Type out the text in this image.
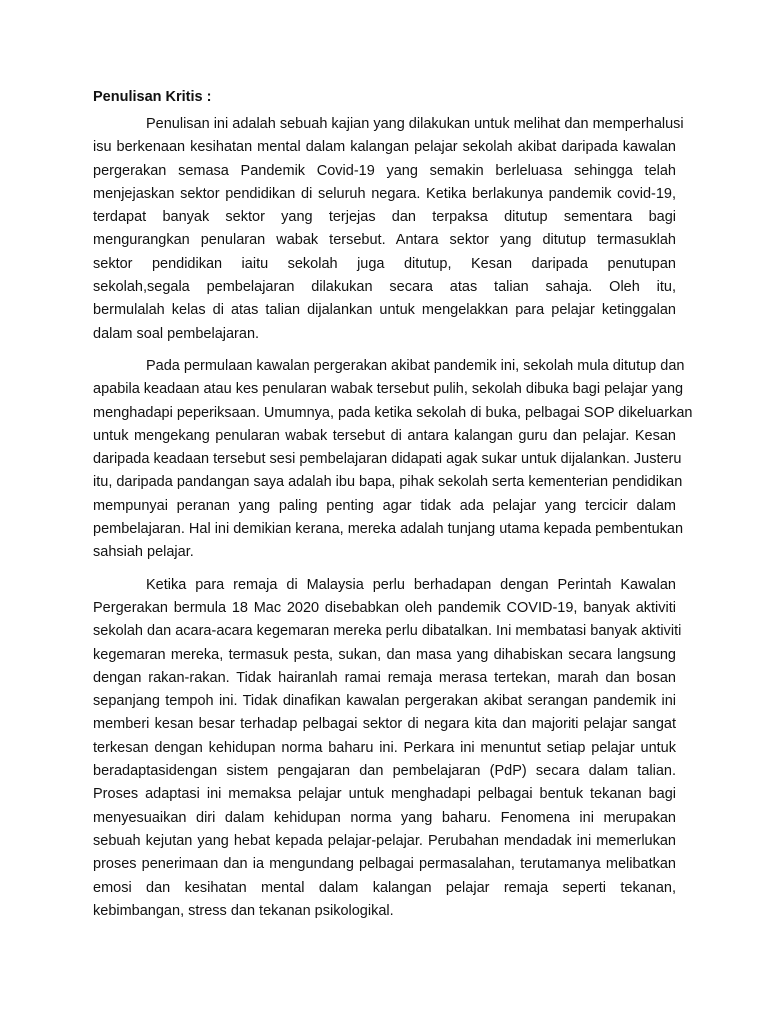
Penulisan Kritis :
Penulisan ini adalah sebuah kajian yang dilakukan untuk melihat dan memperhalusi
isu berkenaan kesihatan mental dalam kalangan pelajar sekolah akibat daripada kawalan
pergerakan semasa Pandemik Covid-19 yang semakin berleluasa sehingga telah
menjejaskan sektor pendidikan di seluruh negara. Ketika berlakunya pandemik covid-19,
terdapat banyak sektor yang terjejas dan terpaksa ditutup sementara bagi
mengurangkan penularan wabak tersebut. Antara sektor yang ditutup termasuklah
sektor pendidikan iaitu sekolah juga ditutup, Kesan daripada penutupan
sekolah,segala pembelajaran dilakukan secara atas talian sahaja. Oleh itu,
bermulalah kelas di atas talian dijalankan untuk mengelakkan para pelajar ketinggalan
dalam soal pembelajaran.
Pada permulaan kawalan pergerakan akibat pandemik ini, sekolah mula ditutup dan
apabila keadaan atau kes penularan wabak tersebut pulih, sekolah dibuka bagi pelajar yang
menghadapi peperiksaan. Umumnya, pada ketika sekolah di buka, pelbagai SOP dikeluarkan
untuk mengekang penularan wabak tersebut di antara kalangan guru dan pelajar. Kesan
daripada keadaan tersebut sesi pembelajaran didapati agak sukar untuk dijalankan. Justeru
itu, daripada pandangan saya adalah ibu bapa, pihak sekolah serta kementerian pendidikan
mempunyai peranan yang paling penting agar tidak ada pelajar yang tercicir dalam
pembelajaran. Hal ini demikian kerana, mereka adalah tunjang utama kepada pembentukan
sahsiah pelajar.
Ketika para remaja di Malaysia perlu berhadapan dengan Perintah Kawalan
Pergerakan bermula 18 Mac 2020 disebabkan oleh pandemik COVID-19, banyak aktiviti
sekolah dan acara-acara kegemaran mereka perlu dibatalkan. Ini membatasi banyak aktiviti
kegemaran mereka, termasuk pesta, sukan, dan masa yang dihabiskan secara langsung
dengan rakan-rakan. Tidak hairanlah ramai remaja merasa tertekan, marah dan bosan
sepanjang tempoh ini. Tidak dinafikan kawalan pergerakan akibat serangan pandemik ini
memberi kesan besar terhadap pelbagai sektor di negara kita dan majoriti pelajar sangat
terkesan dengan kehidupan norma baharu ini. Perkara ini menuntut setiap pelajar untuk
beradaptasidengan sistem pengajaran dan pembelajaran (PdP) secara dalam talian.
Proses adaptasi ini memaksa pelajar untuk menghadapi pelbagai bentuk tekanan bagi
menyesuaikan diri dalam kehidupan norma yang baharu. Fenomena ini merupakan
sebuah kejutan yang hebat kepada pelajar-pelajar. Perubahan mendadak ini memerlukan
proses penerimaan dan ia mengundang pelbagai permasalahan, terutamanya melibatkan
emosi dan kesihatan mental dalam kalangan pelajar remaja seperti tekanan,
kebimbangan, stress dan tekanan psikologikal.
